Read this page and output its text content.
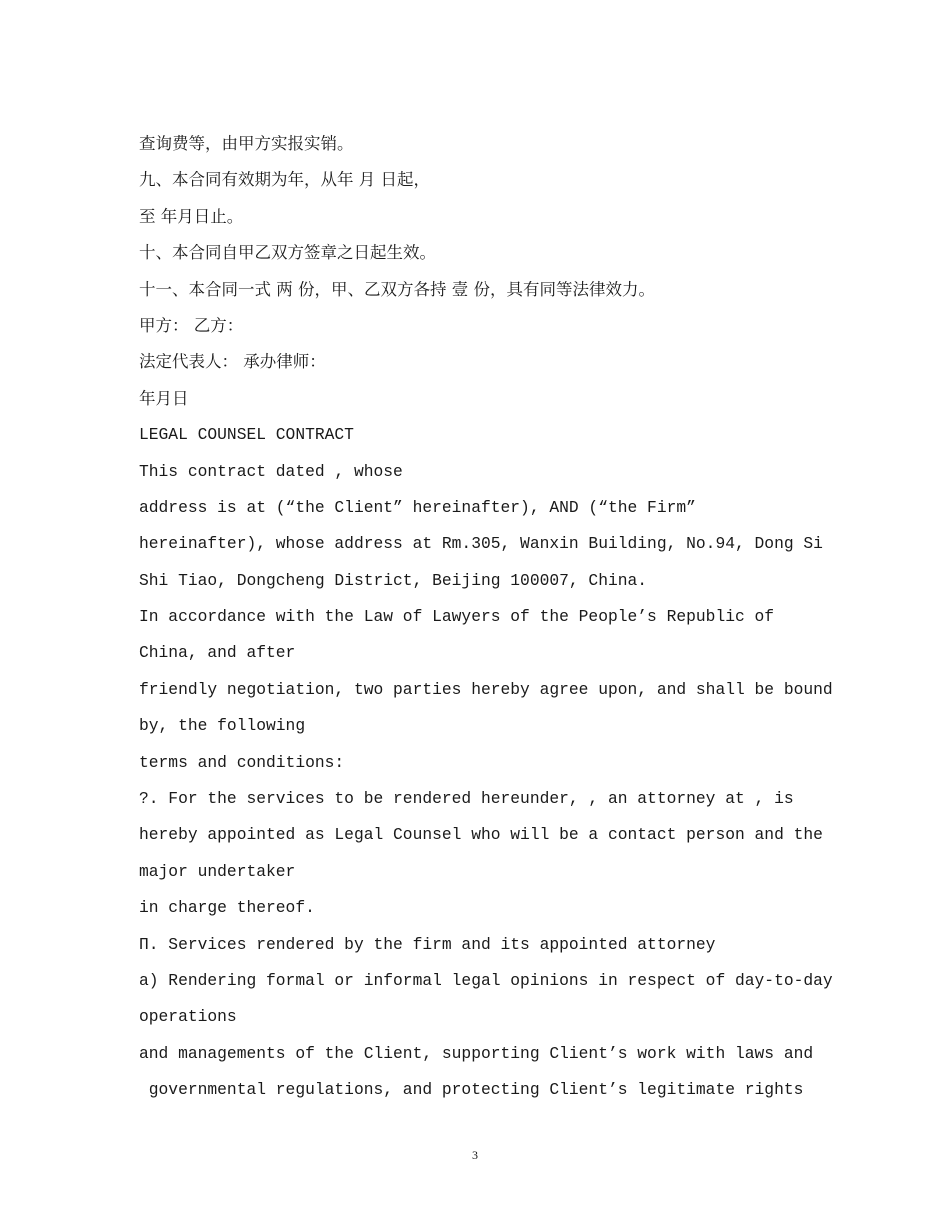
查询费等，由甲方实报实销。
九、本合同有效期为年，从年 月 日起，
至 年月日止。
十、本合同自甲乙双方签章之日起生效。
十一、本合同一式 两 份，甲、乙双方各持 壹 份，具有同等法律效力。
甲方： 乙方：
法定代表人： 承办律师：
年月日
LEGAL COUNSEL CONTRACT
This contract dated , whose
address is at (“the Client” hereinafter), AND (“the Firm”
hereinafter), whose address at Rm.305, Wanxin Building, No.94, Dong Si
Shi Tiao, Dongcheng District, Beijing 100007, China.
In accordance with the Law of Lawyers of the People’s Republic of
China, and after
friendly negotiation, two parties hereby agree upon, and shall be bound
by, the following
terms and conditions:
?. For the services to be rendered hereunder, , an attorney at , is
hereby appointed as Legal Counsel who will be a contact person and the
major undertaker
in charge thereof.
Π. Services rendered by the firm and its appointed attorney
a) Rendering formal or informal legal opinions in respect of day-to-day
operations
and managements of the Client, supporting Client’s work with laws and
governmental regulations, and protecting Client’s legitimate rights
3
